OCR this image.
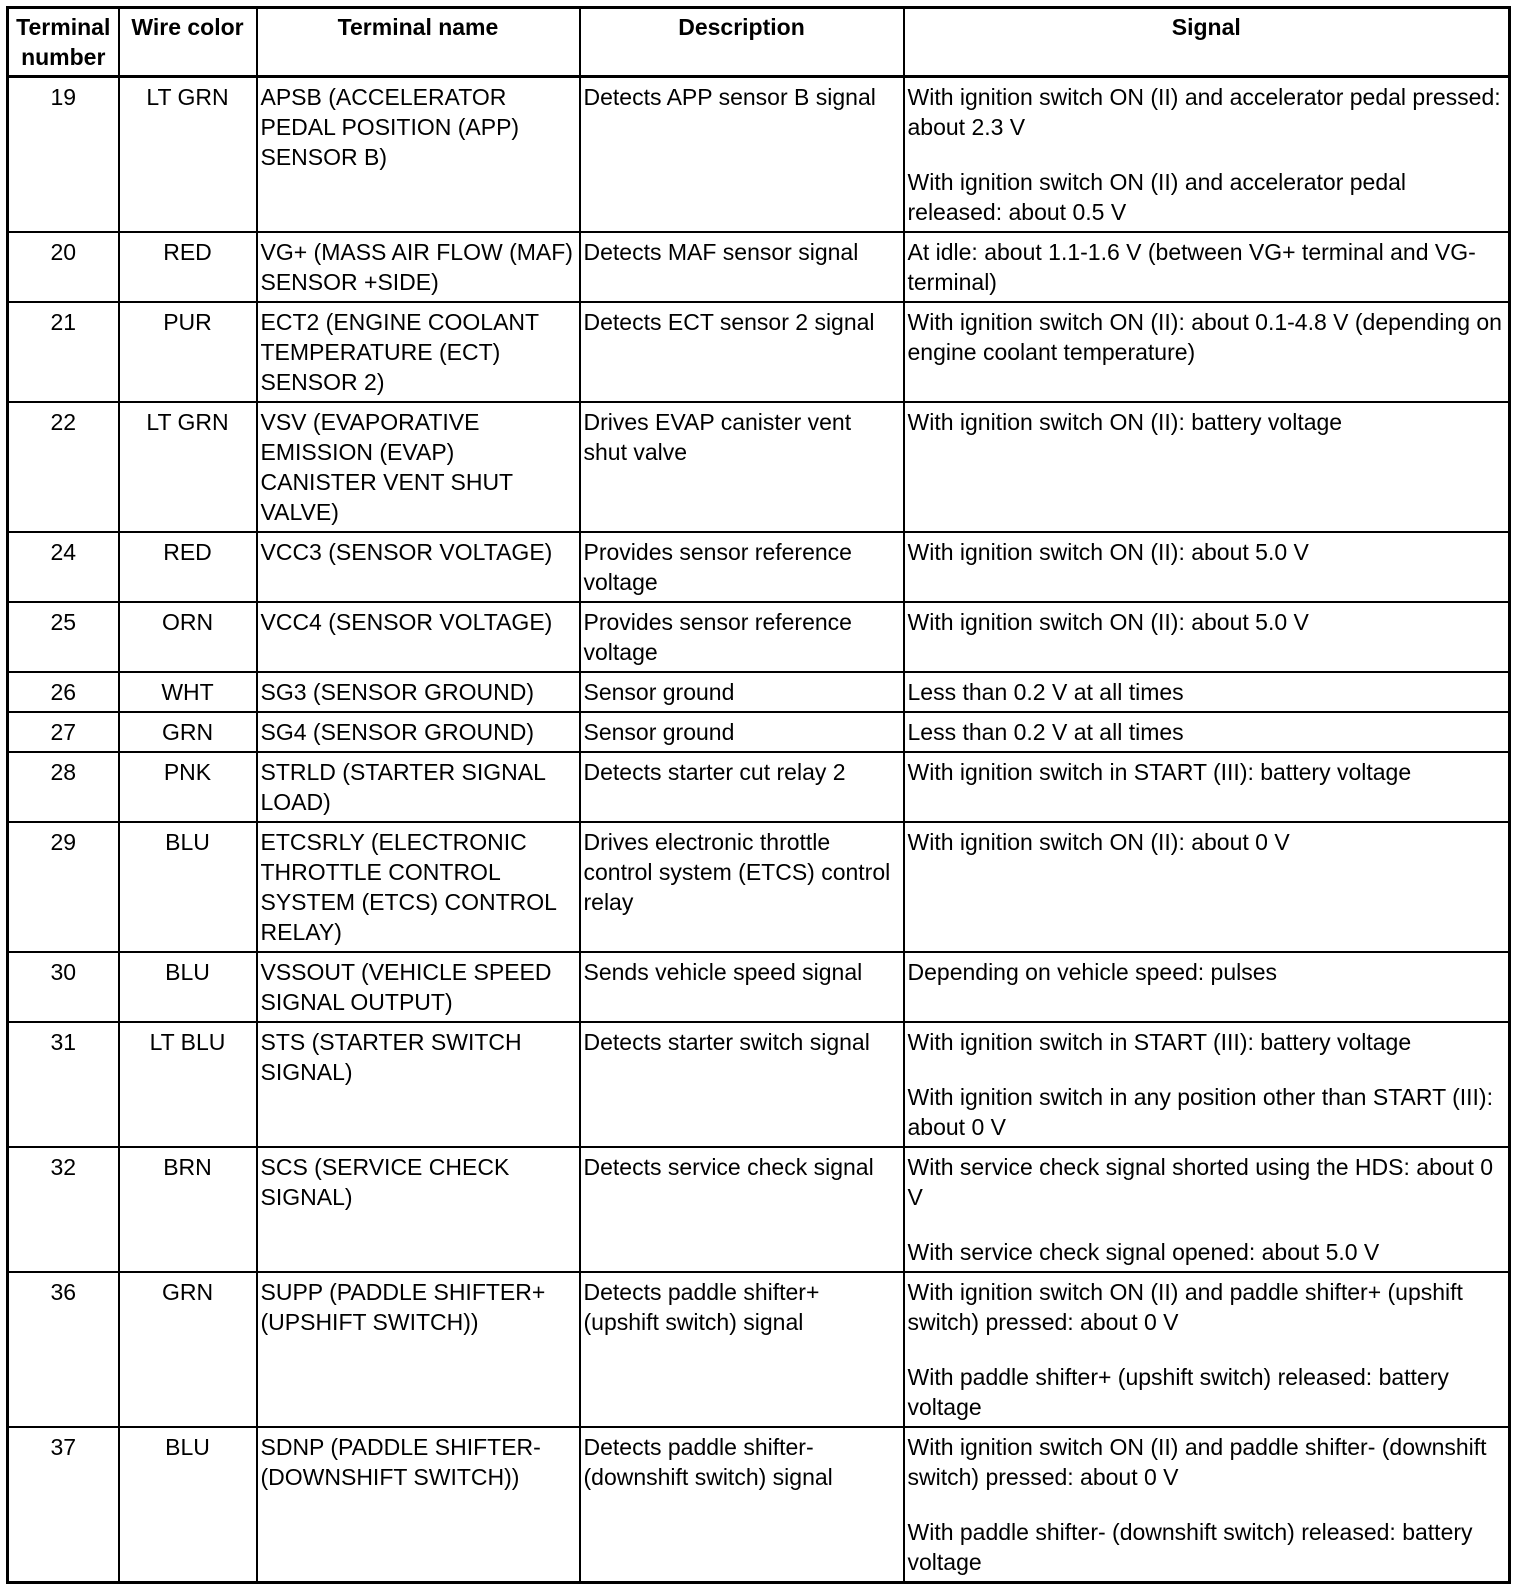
Terminal number	Wire color	Terminal name	Description	Signal
19	LT GRN	APSB (ACCELERATOR PEDAL POSITION (APP) SENSOR B)	Detects APP sensor B signal	With ignition switch ON (II) and accelerator pedal pressed: about 2.3 V
With ignition switch ON (II) and accelerator pedal released: about 0.5 V

20	RED	VG+ (MASS AIR FLOW (MAF) SENSOR +SIDE)	Detects MAF sensor signal	At idle: about 1.1-1.6 V (between VG+ terminal and VG- terminal)

21	PUR	ECT2 (ENGINE COOLANT TEMPERATURE (ECT) SENSOR 2)	Detects ECT sensor 2 signal	With ignition switch ON (II): about 0.1-4.8 V (depending on engine coolant temperature)

22	LT GRN	VSV (EVAPORATIVE EMISSION (EVAP) CANISTER VENT SHUT VALVE)	Drives EVAP canister vent shut valve	With ignition switch ON (II): battery voltage

24	RED	VCC3 (SENSOR VOLTAGE)	Provides sensor reference voltage	With ignition switch ON (II): about 5.0 V

25	ORN	VCC4 (SENSOR VOLTAGE)	Provides sensor reference voltage	With ignition switch ON (II): about 5.0 V

26	WHT	SG3 (SENSOR GROUND)	Sensor ground	Less than 0.2 V at all times

27	GRN	SG4 (SENSOR GROUND)	Sensor ground	Less than 0.2 V at all times

28	PNK	STRLD (STARTER SIGNAL LOAD)	Detects starter cut relay 2	With ignition switch in START (III): battery voltage

29	BLU	ETCSRLY (ELECTRONIC THROTTLE CONTROL SYSTEM (ETCS) CONTROL RELAY)	Drives electronic throttle control system (ETCS) control relay	With ignition switch ON (II): about 0 V

30	BLU	VSSOUT (VEHICLE SPEED SIGNAL OUTPUT)	Sends vehicle speed signal	Depending on vehicle speed: pulses

31	LT BLU	STS (STARTER SWITCH SIGNAL)	Detects starter switch signal	With ignition switch in START (III): battery voltage
With ignition switch in any position other than START (III): about 0 V

32	BRN	SCS (SERVICE CHECK SIGNAL)	Detects service check signal	With service check signal shorted using the HDS: about 0 V
With service check signal opened: about 5.0 V

36	GRN	SUPP (PADDLE SHIFTER+ (UPSHIFT SWITCH))	Detects paddle shifter+ (upshift switch) signal	With ignition switch ON (II) and paddle shifter+ (upshift switch) pressed: about 0 V
With paddle shifter+ (upshift switch) released: battery voltage

37	BLU	SDNP (PADDLE SHIFTER- (DOWNSHIFT SWITCH))	Detects paddle shifter- (downshift switch) signal	With ignition switch ON (II) and paddle shifter- (downshift switch) pressed: about 0 V
With paddle shifter- (downshift switch) released: battery voltage
